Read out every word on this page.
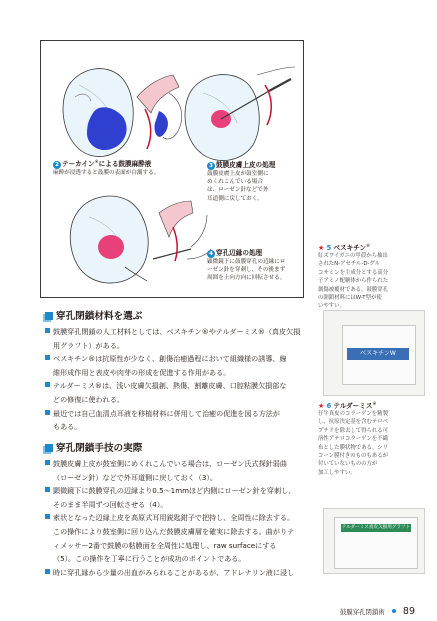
2 テーカイン®による鼓膜麻酔液
麻酔が浸透すると鼓膜の表面が白濁する。
3 鼓膜皮膚上皮の処理
鼓膜皮膚上皮が鼓室側に
めくれこんでいる場合
は、ローゼン針などで外
耳道側に戻しておく。
4 穿孔辺縁の処理
顕微鏡下に鼓膜穿孔の辺縁にロ
ーゼン針を穿刺し、その後まず
周囲を上向方向に回転させる。
★ 5 ベスキチン®
紅ズワイガニの甲殻から抽出
されたN-アセチル-D-グル
コサミンを主成分とする高分
子アミノ配糖体から作られた
創傷被覆材である。鼓膜穿孔
の閉鎖材料にはW-T型が使
いやすい。
ベスキチンW
★ 6 テルダーミス®
仔牛真皮のコラーゲンを精製
し、抗原決定基を含むテロペ
プチドを除去して得られる可
溶性アテロコラーゲンを不織
布とした膜状物である。シリ
コーン膜付きのものもあるが
付いていないものの方が
加工しやすい。
テルダーミス真皮欠損用グラフト
穿孔閉鎖材料を選ぶ
鼓膜穿孔閉鎖の人工材料としては、ベスキチン®やテルダーミス®（真皮欠損
用グラフト）がある。
ベスキチン®は抗原性が少なく、創傷治癒過程において組織様の誘導、線
維形成作用と表皮や肉芽の形成を促進する作用がある。
テルダーミス®は、浅い皮膚欠損創、熱傷、割離皮膚、口腔粘膜欠損部な
どの修復に使われる。
最近では自己血清点耳液を移植材料に併用して治癒の促進を図る方法が
もある。
穿孔閉鎖手技の実際
鼓膜皮膚上皮が鼓室側にめくれこんでいる場合は、ローゼン氏式探針弱曲
（ローゼン針）などで外耳道側に戻しておく（3）。
顕微鏡下に鼓膜穿孔の辺縁より0.5〜1mmほど内側にローゼン針を穿刺し、
そのまま半周ずつ回転させる（4）。
索状となった辺縁上皮を高原式耳用鋭匙鉗子で把持し、全周性に除去する。
この操作により鼓室側に回り込んだ鼓膜皮膚層を確実に除去する。曲がりテ
ィメッサー2番で鼓膜の粘膜面を全周性に処理し、raw surfaceにする
（5）。この操作を丁寧に行うことが成功のポイントである。
時に穿孔縁から少量の出血がみられることがあるが、アドレナリン液に浸し
鼓膜穿孔閉鎖術 89
